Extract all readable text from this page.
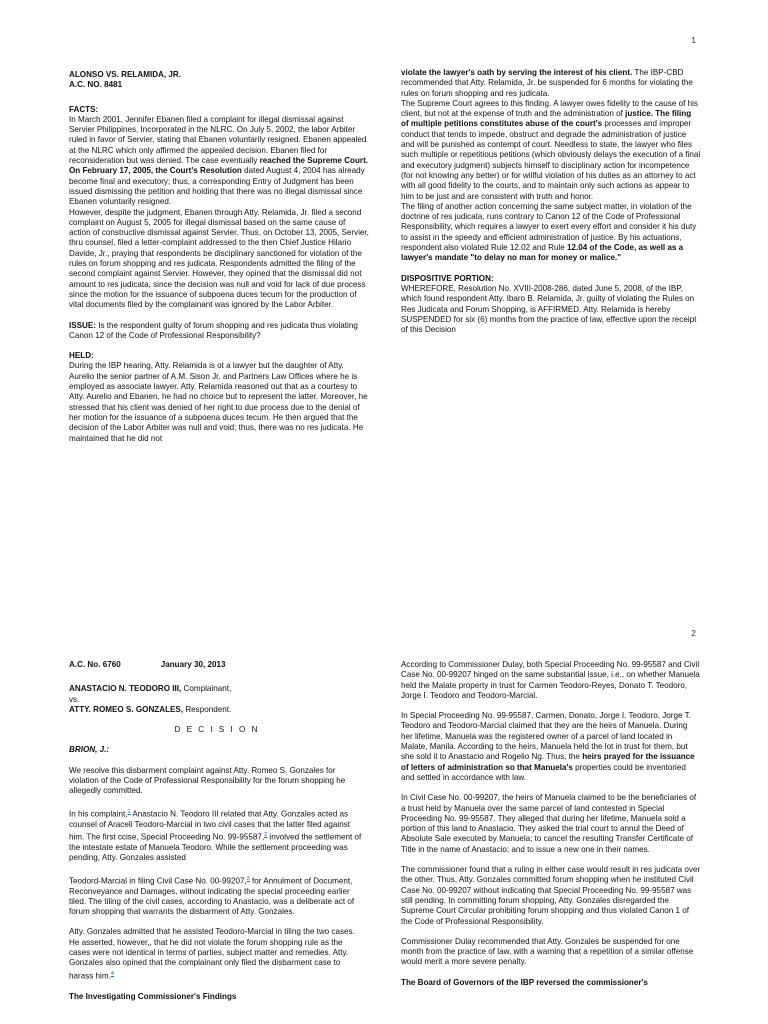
1

ALONSO VS. RELAMIDA, JR.

A.C. NO. 8481

FACTS:

In March 2001, Jennifer Ebanen filed a complaint for illegal dismissal against Servier Philippines, Incorporated in the NLRC. On July 5, 2002, the labor Arbiter ruled in favor of Servier, stating that Ebanen voluntarily resigned. Ebanen appealed at the NLRC which only affirmed the appealed decision. Ebanen filed for reconsideration but was denied. The case eventually reached the Supreme Court. On February 17, 2005, the Court's Resolution dated August 4, 2004 has already become final and executory; thus, a corresponding Entry of Judgment has been issued dismissing the petition and holding that there was no illegal dismissal since Ebanen voluntarily resigned.

However, despite the judgment, Ebanen through Atty. Relamida, Jr. filed a second complaint on August 5, 2005 for illegal dismissal based on the same cause of action of constructive dismissal against Servier. Thus, on October 13, 2005, Servier, thru counsel, filed a letter-complaint addressed to the then Chief Justice Hilario Davide, Jr., praying that respondents be disciplinary sanctioned for violation of the rules on forum shopping and res judicata. Respondents admitted the filing of the second complaint against Servier. However, they opined that the dismissal did not amount to res judicata, since the decision was null and void for lack of due process since the motion for the issuance of subpoena duces tecum for the production of vital documents filed by the complainant was ignored by the Labor Arbiter.

ISSUE: Is the respondent guilty of forum shopping and res judicata thus violating Canon 12 of the Code of Professional Responsibility?

HELD:

During the IBP hearing, Atty. Relamida is ot a lawyer but the daughter of Atty. Aurelio the senior partner of A.M. Sison Jr. and Partners Law Offices where he is employed as associate lawyer. Atty. Relamida reasoned out that as a courtesy to Atty. Aurelio and Ebanen, he had no choice but to represent the latter. Moreover, he stressed that his client was denied of her right to due process due to the denial of her motion for the issuance of a subpoena duces tecum. He then argued that the decision of the Labor Arbiter was null and void; thus, there was no res judicata. He maintained that he did not

violate the lawyer's oath by serving the interest of his client. The IBP-CBD recommended that Atty. Relamida, Jr. be suspended for 6 months for violating the rules on forum shopping and res judicata.

The Supreme Court agrees to this finding. A lawyer owes fidelity to the cause of his client, but not at the expense of truth and the administration of justice. The filing of multiple petitions constitutes abuse of the court's processes and improper conduct that tends to impede, obstruct and degrade the administration of justice and will be punished as contempt of court. Needless to state, the lawyer who files such multiple or repetitious petitions (which obviously delays the execution of a final and executory judgment) subjects himself to disciplinary action for incompetence (for not knowing any better) or for willful violation of his duties as an attorney to act with all good fidelity to the courts, and to maintain only such actions as appear to him to be just and are consistent with truth and honor.

The filing of another action concerning the same subject matter, in violation of the doctrine of res judicata, runs contrary to Canon 12 of the Code of Professional Responsibility, which requires a lawyer to exert every effort and consider it his duty to assist in the speedy and efficient administration of justice. By his actuations, respondent also violated Rule 12.02 and Rule 12.04 of the Code, as well as a lawyer's mandate "to delay no man for money or malice."

DISPOSITIVE PORTION:

WHEREFORE, Resolution No. XVIII-2008-286, dated June 5, 2008, of the IBP, which found respondent Atty. Ibaro B. Relamida, Jr. guilty of violating the Rules on Res Judicata and Forum Shopping, is AFFIRMED. Atty. Relamida is hereby SUSPENDED for six (6) months from the practice of law, effective upon the receipt of this Decision

2
A.C. No. 6760	January 30, 2013

ANASTACIO N. TEODORO III, Complainant,

vs.

ATTY. ROMEO S. GONZALES, Respondent.

D E C I S I O N

BRION, J.:

We resolve this disbarment complaint against Atty. Romeo S. Gonzales for violation of the Code of Professional Responsibility for the forum shopping he allegedly committed.

In his complaint,$^1$ Anastacio N. Teodoro III related that Atty. Gonzales acted as counsel of Araceli Teodoro-Marcial in two civil cases that the latter filed against him. The first ccise, Special Proceeding No. 99-95587,$^2$ involved the settlement of the intestate estate of Manuela Teodoro. While the settlement proceeding was pending, Atty. Gonzales assisted

Teodord-Marcial in filing Civil Case No. 00-99207,$^3$ for Annulment of Document, Reconveyance and Damages, without indicating the special proceeding earlier tiled. The tiling of the civil cases, according to Anastacio, was a deliberate act of forum shopping that warrants the disbarment of Atty. Gonzales.

Atty. Gonzales admitted that he assisted Teodoro-Marcial in tiling the two cases. He asserted, however,, that he did not violate the forum shopping rule as the cases were not identical in terms of parties, subject matter and remedies. Atty. Gonzales also opined that the complainant only filed the disbarment case to harass him.$^4$

The Investigating Commissioner's Findings

According to Commissioner Dulay, both Special Proceeding No. 99-95587 and Civil Case No. 00-99207 hinged on the same substantial issue, i.e., on whether Manuela held the Malate property in trust for Carmen Teodoro-Reyes, Donato T. Teodoro, Jorge I. Teodoro and Teodoro-Marcial.

In Special Proceeding No. 99-95587, Carmen, Donato, Jorge I. Teodoro, Jorge T. Teodoro and Teodoro-Marcial claimed that they are the heirs of Manuela. During her lifetime, Manuela was the registered owner of a parcel of land located in Malate, Manila. According to the heirs, Manuela held the lot in trust for them, but she sold it to Anastacio and Rogelio Ng. Thus, the heirs prayed for the issuance of letters of administration so that Manuela's properties could be inventoried and settled in accordance with law.

In Civil Case No. 00-99207, the heirs of Manuela claimed to be the beneficiaries of a trust held by Manuela over the same parcel of land contested in Special Proceeding No. 99-95587. They alleged that during her lifetime, Manuela sold a portion of this land to Anastacio. They asked the trial court to annul the Deed of Absolute Sale executed by Manuela; to cancel the resulting Transfer Certificate of Title in the name of Anastacio; and to issue a new one in their names.

The commissioner found that a ruling in either case would result in res judicata over the other. Thus, Atty. Gonzales committed forum shopping when he instituted Civil Case No. 00-99207 without indicating that Special Proceeding No. 99-95587 was still pending. In committing forum shopping, Atty. Gonzales disregarded the Supreme Court Circular prohibiting forum shopping and thus violated Canon 1 of the Code of Professional Responsibility.

Commissioner Dulay recommended that Atty. Gonzales be suspended for one month from the practice of law, with a warning that a repetition of a similar offense would merit a more severe penalty.

The Board of Governors of the IBP reversed the commissioner's
